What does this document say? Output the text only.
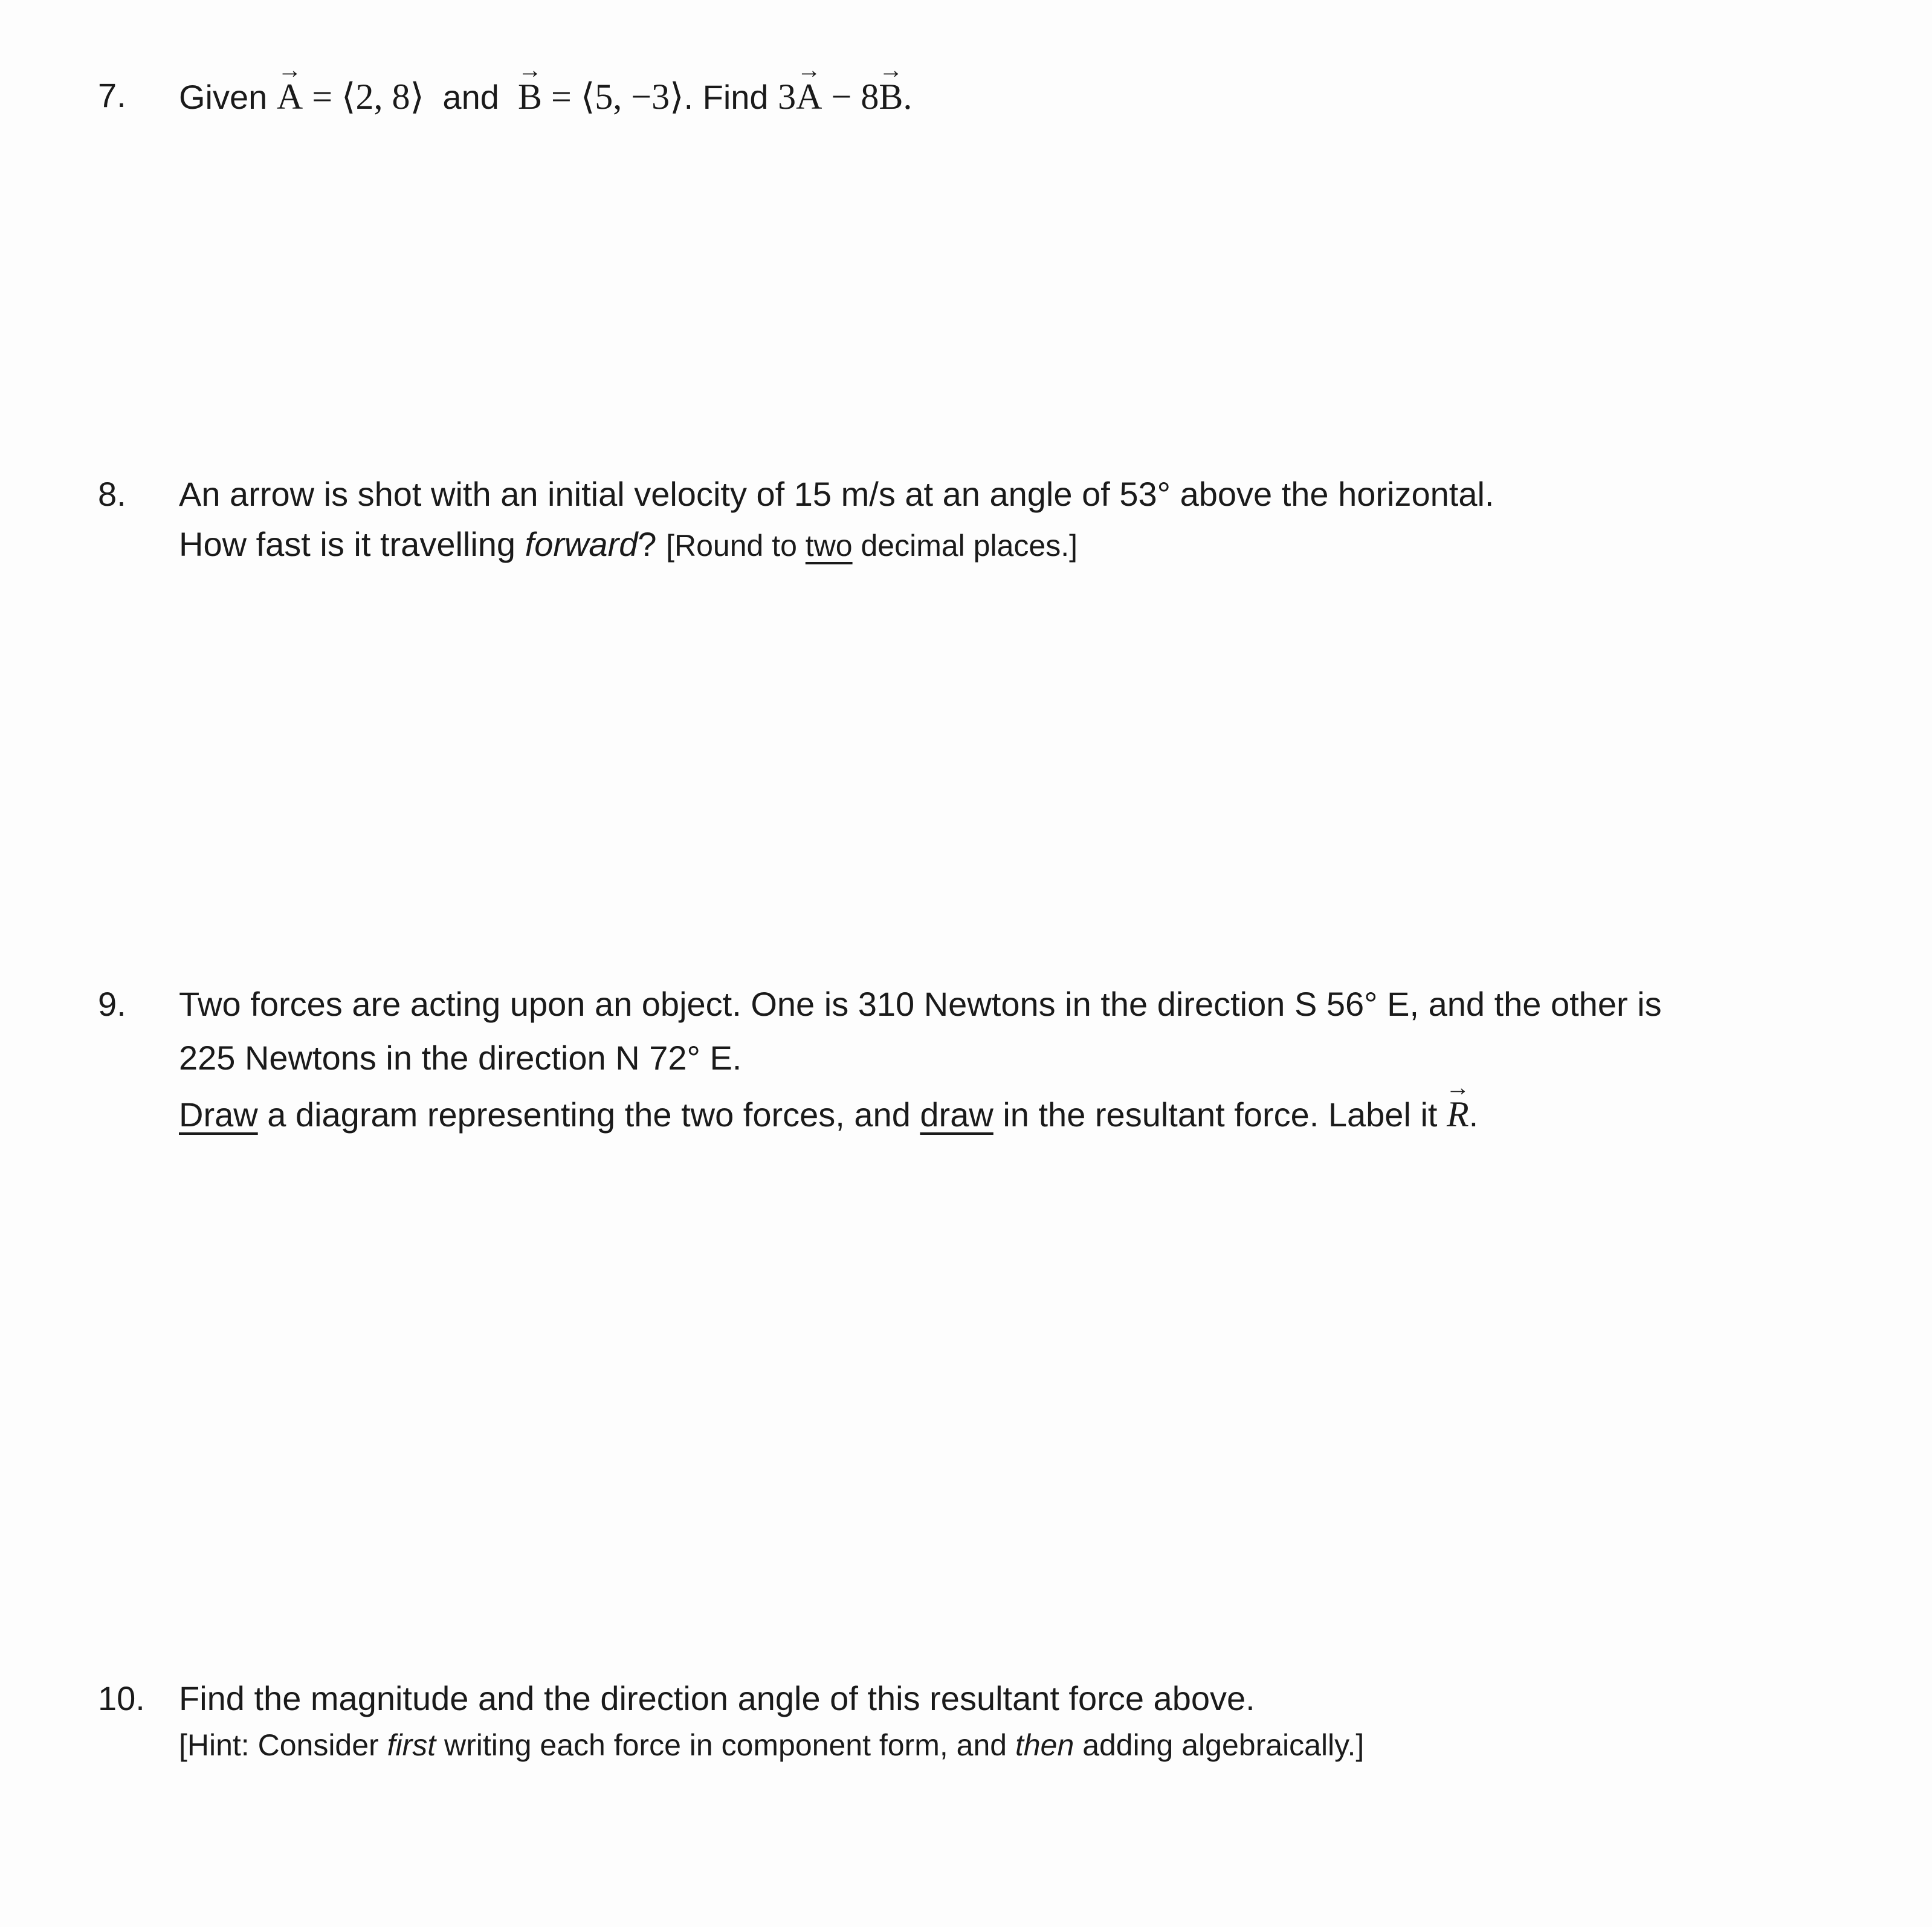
7. Given
→
A = ⟨2, 8⟩ and
→
B = ⟨5, −3⟩. Find 3
→
A − 8
→
B.
8. An arrow is shot with an initial velocity of 15 m/s at an angle of 53° above the horizontal.
How fast is it travelling forward? [Round to two decimal places.]
9. Two forces are acting upon an object. One is 310 Newtons in the direction S 56° E, and the other is
225 Newtons in the direction N 72° E.
Draw a diagram representing the two forces, and draw in the resultant force. Label it
→
R.
10. Find the magnitude and the direction angle of this resultant force above.
[Hint: Consider first writing each force in component form, and then adding algebraically.]
